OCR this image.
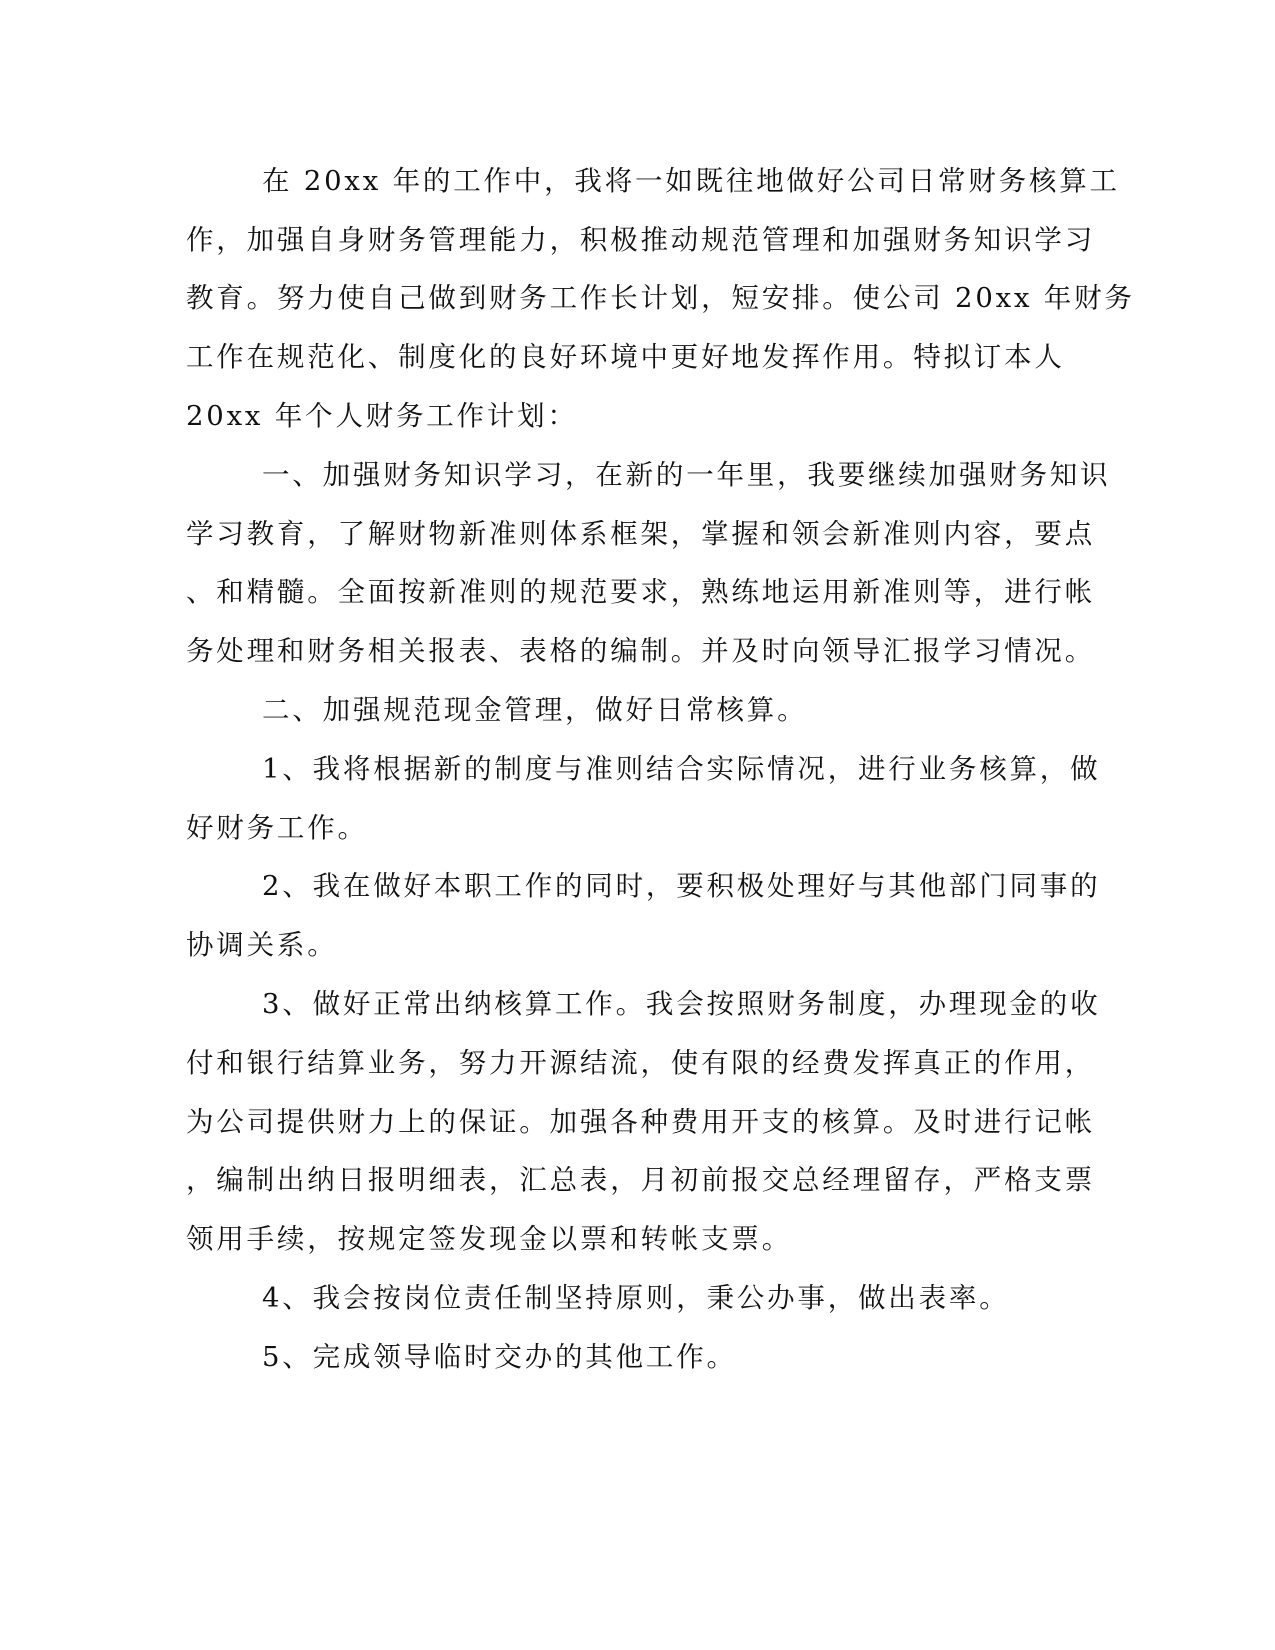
在 20xx 年的工作中，我将一如既往地做好公司日常财务核算工

作，加强自身财务管理能力，积极推动规范管理和加强财务知识学习

教育。努力使自己做到财务工作长计划，短安排。使公司 20xx 年财务

工作在规范化、制度化的良好环境中更好地发挥作用。特拟订本人

20xx 年个人财务工作计划：

一、加强财务知识学习，在新的一年里，我要继续加强财务知识

学习教育，了解财物新准则体系框架，掌握和领会新准则内容，要点

、和精髓。全面按新准则的规范要求，熟练地运用新准则等，进行帐

务处理和财务相关报表、表格的编制。并及时向领导汇报学习情况。

二、加强规范现金管理，做好日常核算。

1、我将根据新的制度与准则结合实际情况，进行业务核算，做

好财务工作。

2、我在做好本职工作的同时，要积极处理好与其他部门同事的

协调关系。

3、做好正常出纳核算工作。我会按照财务制度，办理现金的收

付和银行结算业务，努力开源结流，使有限的经费发挥真正的作用，

为公司提供财力上的保证。加强各种费用开支的核算。及时进行记帐

，编制出纳日报明细表，汇总表，月初前报交总经理留存，严格支票

领用手续，按规定签发现金以票和转帐支票。

4、我会按岗位责任制坚持原则，秉公办事，做出表率。

5、完成领导临时交办的其他工作。
